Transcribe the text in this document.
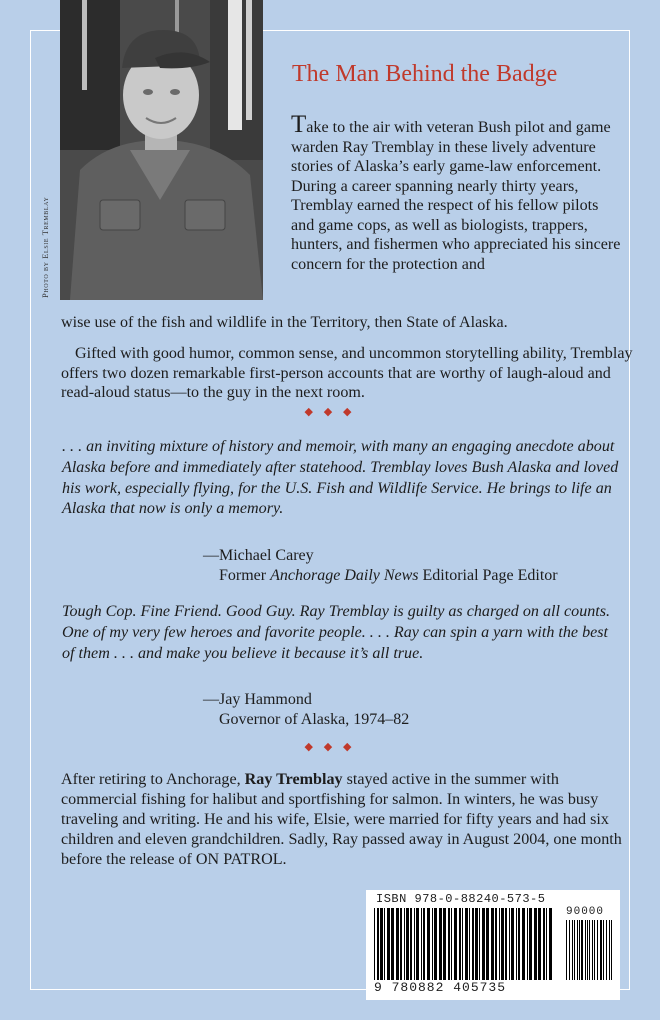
Photo by Elsie Tremblay
The Man Behind the Badge
Take to the air with veteran Bush pilot and game warden Ray Tremblay in these lively adventure stories of Alaska’s early game-law enforcement. During a career spanning nearly thirty years, Tremblay earned the respect of his fellow pilots and game cops, as well as biologists, trappers, hunters, and fishermen who appreciated his sincere concern for the protection and
wise use of the fish and wildlife in the Territory, then State of Alaska.
Gifted with good humor, common sense, and uncommon storytelling ability, Tremblay offers two dozen remarkable first-person accounts that are worthy of laugh-aloud and read-aloud status—to the guy in the next room.
◆ ◆ ◆
. . . an inviting mixture of history and memoir, with many an engaging anecdote about Alaska before and immediately after statehood. Tremblay loves Bush Alaska and loved his work, especially flying, for the U.S. Fish and Wildlife Service. He brings to life an Alaska that now is only a memory.
—Michael Carey
Former Anchorage Daily News Editorial Page Editor
Tough Cop. Fine Friend. Good Guy. Ray Tremblay is guilty as charged on all counts. One of my very few heroes and favorite people. . . . Ray can spin a yarn with the best of them . . . and make you believe it because it’s all true.
—Jay Hammond
Governor of Alaska, 1974–82
◆ ◆ ◆
After retiring to Anchorage, Ray Tremblay stayed active in the summer with commercial fishing for halibut and sportfishing for salmon. In winters, he was busy traveling and writing. He and his wife, Elsie, were married for fifty years and had six children and eleven grandchildren. Sadly, Ray passed away in August 2004, one month before the release of ON PATROL.
ISBN 978-0-88240-573-5
90000
9 780882 405735
